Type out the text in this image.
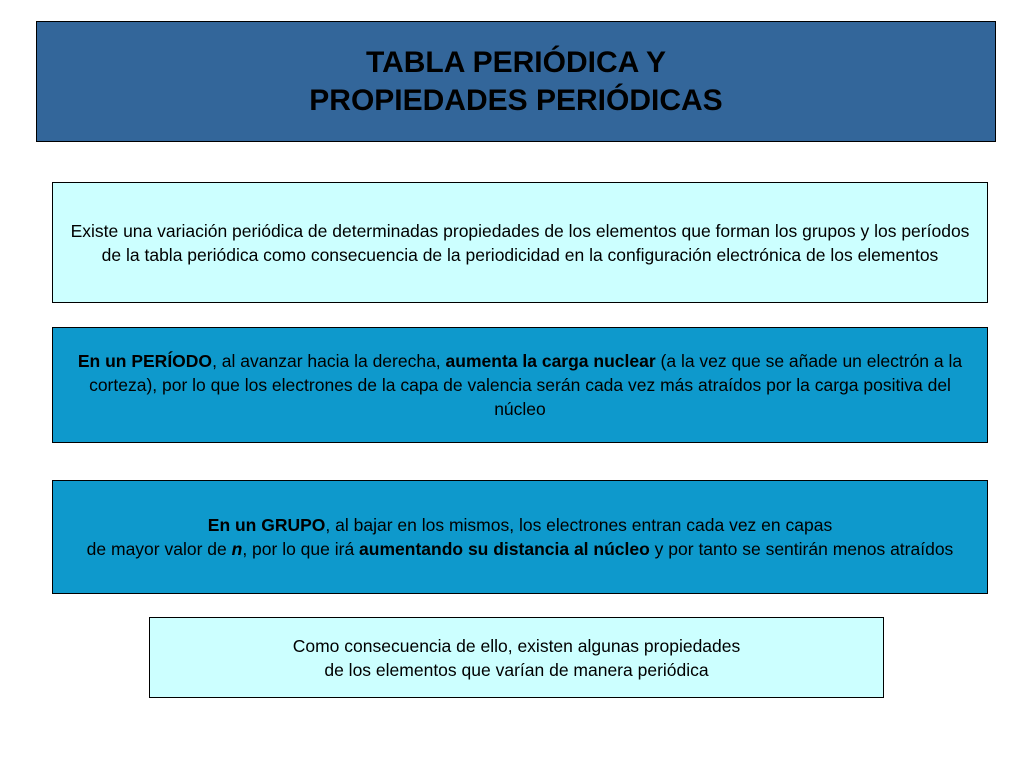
TABLA PERIÓDICA Y
PROPIEDADES PERIÓDICAS
Existe una variación periódica de determinadas propiedades de los elementos que forman los grupos y los períodos de la tabla periódica como consecuencia de la periodicidad en la configuración electrónica de los elementos
En un PERÍODO, al avanzar hacia la derecha, aumenta la carga nuclear (a la vez que se añade un electrón a la corteza), por lo que los electrones de la capa de valencia serán cada vez más atraídos por la carga positiva del núcleo
En un GRUPO, al bajar en los mismos, los electrones entran cada vez en capas
de mayor valor de n, por lo que irá aumentando su distancia al núcleo y por tanto se sentirán menos atraídos
Como consecuencia de ello, existen algunas propiedades
de los elementos que varían de manera periódica
